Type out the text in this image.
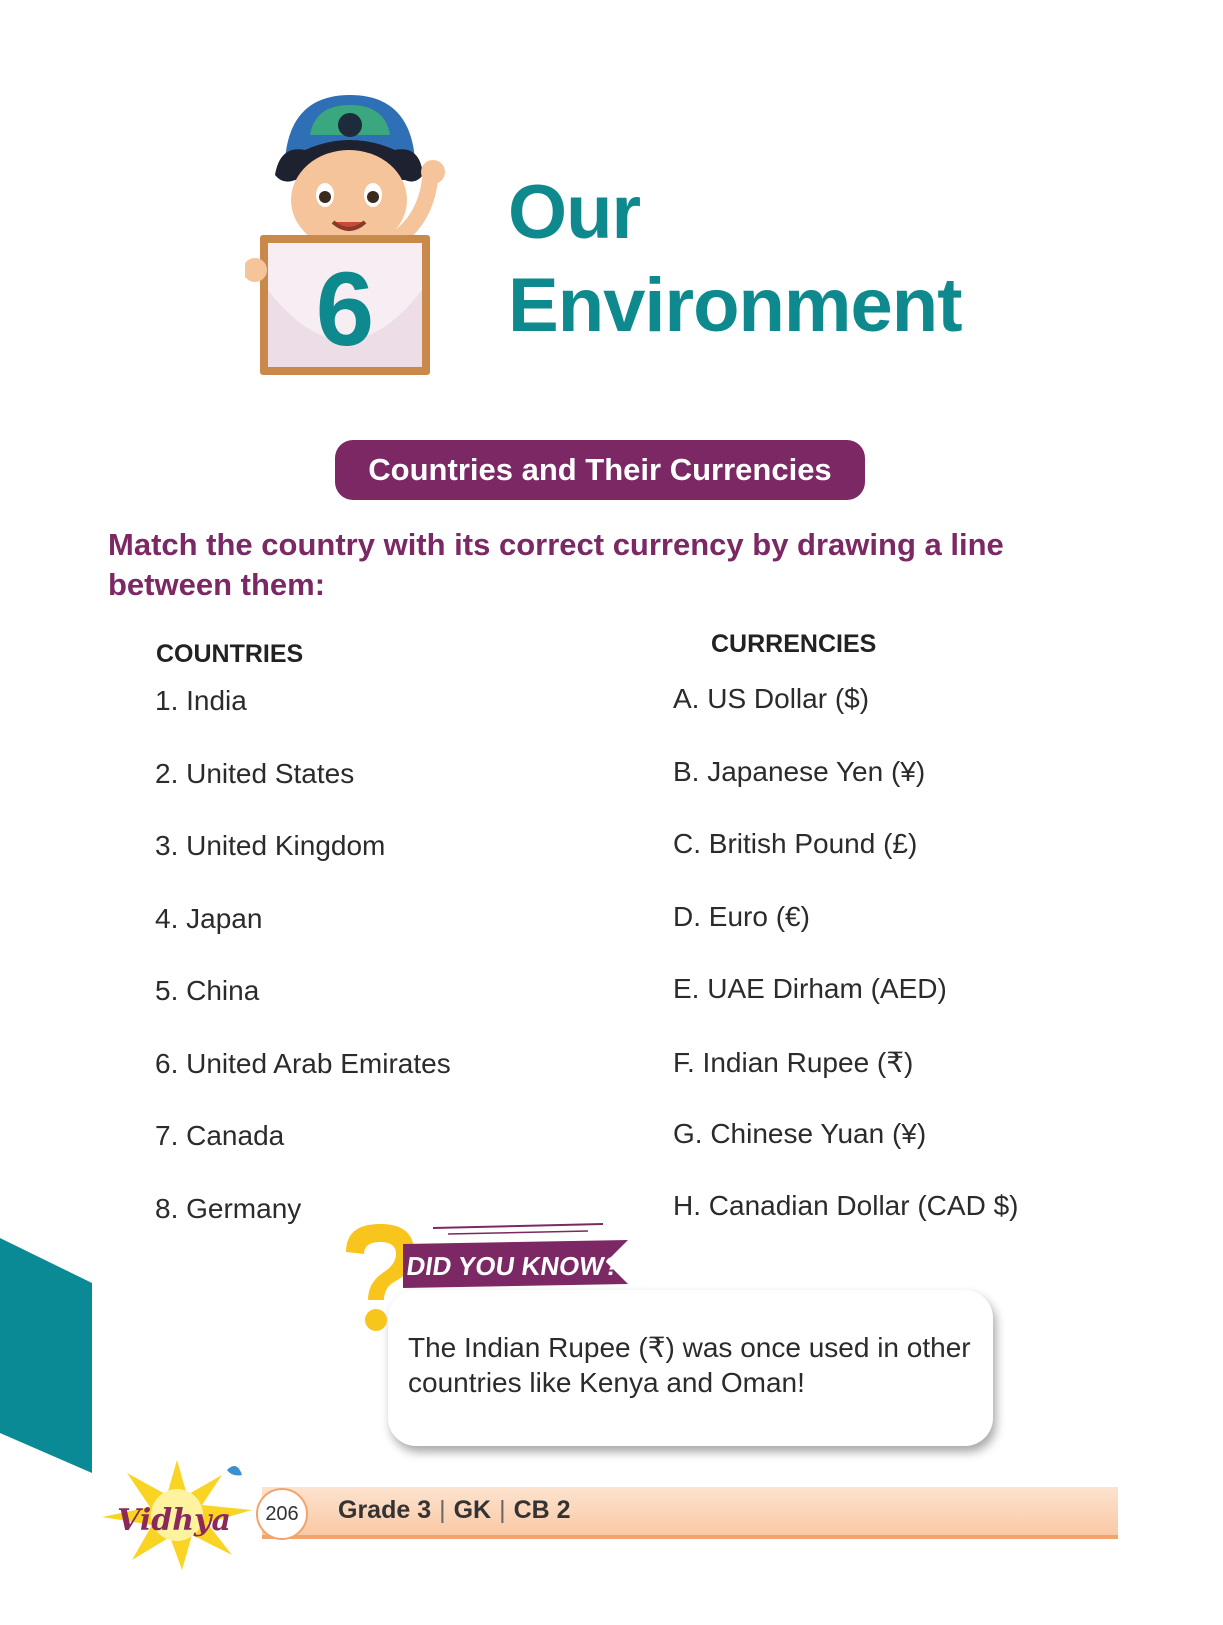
6
Our
Environment
Countries and Their Currencies
Match the country with its correct currency by drawing a line between them:
COUNTRIES	CURRENCIES
1. India
2. United States
3. United Kingdom
4. Japan
5. China
6. United Arab Emirates
7. Canada
8. Germany
A. US Dollar ($)
B. Japanese Yen (¥)
C. British Pound (£)
D. Euro (€)
E. UAE Dirham (AED)
F. Indian Rupee (₹)
G. Chinese Yuan (¥)
H. Canadian Dollar (CAD $)
DID YOU KNOW?
The Indian Rupee (₹) was once used in other countries like Kenya and Oman!
206	Grade 3 | GK | CB 2
Vidhya
